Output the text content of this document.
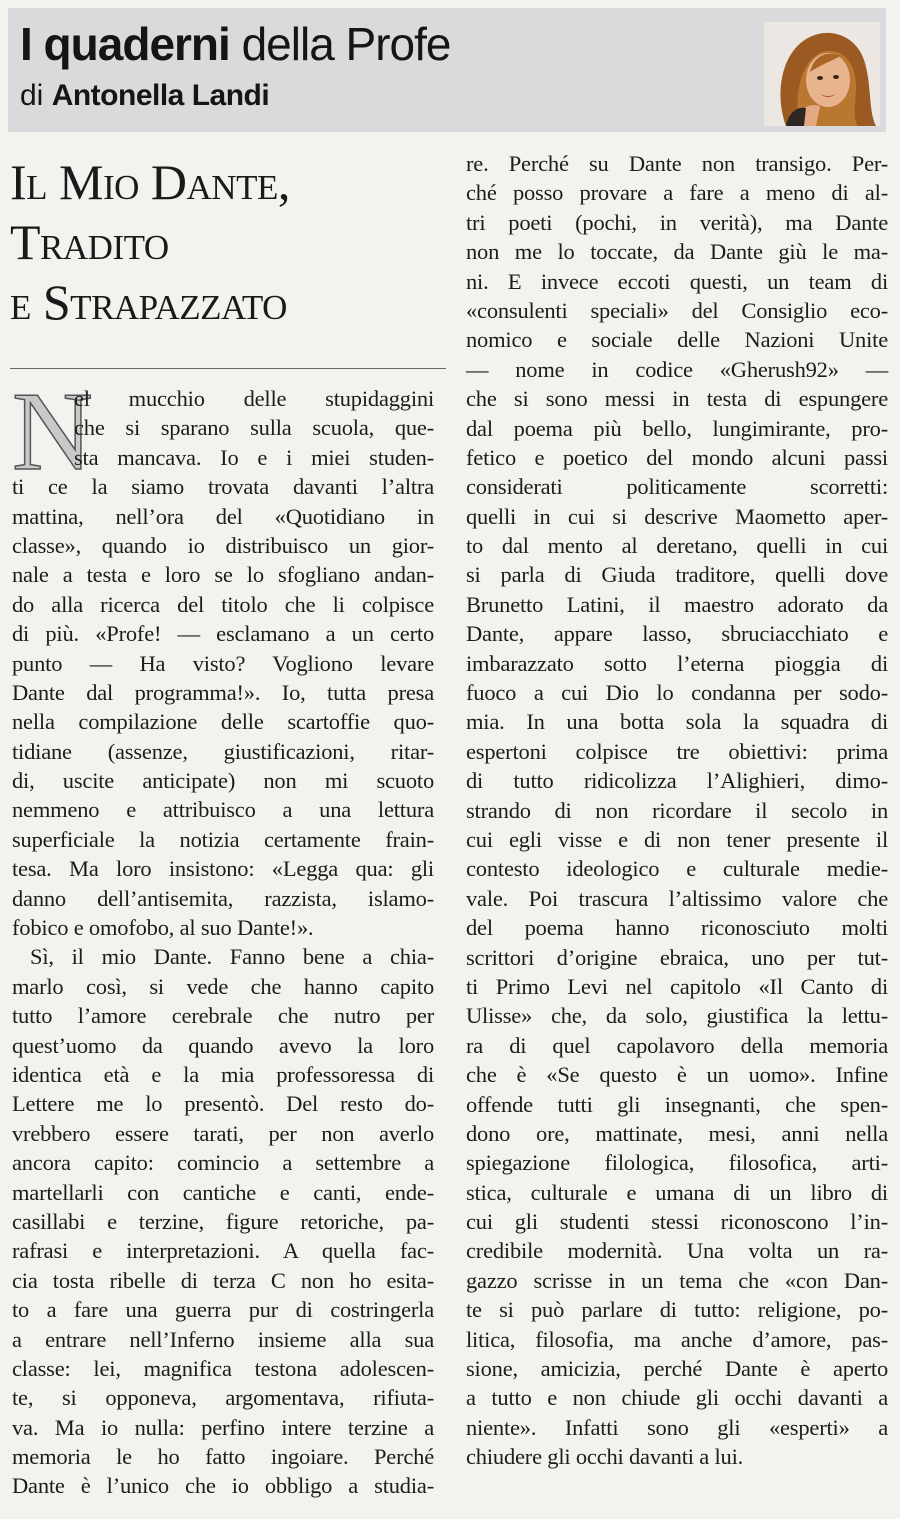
I quaderni della Profe
di Antonella Landi
Il Mio Dante,
Tradito
e Strapazzato
N
el mucchio delle stupidaggini
che si sparano sulla scuola, que-
sta mancava. Io e i miei studen-
ti ce la siamo trovata davanti l’altra
mattina, nell’ora del «Quotidiano in
classe», quando io distribuisco un gior-
nale a testa e loro se lo sfogliano andan-
do alla ricerca del titolo che li colpisce
di più. «Profe! — esclamano a un certo
punto — Ha visto? Vogliono levare
Dante dal programma!». Io, tutta presa
nella compilazione delle scartoffie quo-
tidiane (assenze, giustificazioni, ritar-
di, uscite anticipate) non mi scuoto
nemmeno e attribuisco a una lettura
superficiale la notizia certamente frain-
tesa. Ma loro insistono: «Legga qua: gli
danno dell’antisemita, razzista, islamo-
fobico e omofobo, al suo Dante!».
Sì, il mio Dante. Fanno bene a chia-
marlo così, si vede che hanno capito
tutto l’amore cerebrale che nutro per
quest’uomo da quando avevo la loro
identica età e la mia professoressa di
Lettere me lo presentò. Del resto do-
vrebbero essere tarati, per non averlo
ancora capito: comincio a settembre a
martellarli con cantiche e canti, ende-
casillabi e terzine, figure retoriche, pa-
rafrasi e interpretazioni. A quella fac-
cia tosta ribelle di terza C non ho esita-
to a fare una guerra pur di costringerla
a entrare nell’Inferno insieme alla sua
classe: lei, magnifica testona adolescen-
te, si opponeva, argomentava, rifiuta-
va. Ma io nulla: perfino intere terzine a
memoria le ho fatto ingoiare. Perché
Dante è l’unico che io obbligo a studia-
re. Perché su Dante non transigo. Per-
ché posso provare a fare a meno di al-
tri poeti (pochi, in verità), ma Dante
non me lo toccate, da Dante giù le ma-
ni. E invece eccoti questi, un team di
«consulenti speciali» del Consiglio eco-
nomico e sociale delle Nazioni Unite
— nome in codice «Gherush92» —
che si sono messi in testa di espungere
dal poema più bello, lungimirante, pro-
fetico e poetico del mondo alcuni passi
considerati politicamente scorretti:
quelli in cui si descrive Maometto aper-
to dal mento al deretano, quelli in cui
si parla di Giuda traditore, quelli dove
Brunetto Latini, il maestro adorato da
Dante, appare lasso, sbruciacchiato e
imbarazzato sotto l’eterna pioggia di
fuoco a cui Dio lo condanna per sodo-
mia. In una botta sola la squadra di
espertoni colpisce tre obiettivi: prima
di tutto ridicolizza l’Alighieri, dimo-
strando di non ricordare il secolo in
cui egli visse e di non tener presente il
contesto ideologico e culturale medie-
vale. Poi trascura l’altissimo valore che
del poema hanno riconosciuto molti
scrittori d’origine ebraica, uno per tut-
ti Primo Levi nel capitolo «Il Canto di
Ulisse» che, da solo, giustifica la lettu-
ra di quel capolavoro della memoria
che è «Se questo è un uomo». Infine
offende tutti gli insegnanti, che spen-
dono ore, mattinate, mesi, anni nella
spiegazione filologica, filosofica, arti-
stica, culturale e umana di un libro di
cui gli studenti stessi riconoscono l’in-
credibile modernità. Una volta un ra-
gazzo scrisse in un tema che «con Dan-
te si può parlare di tutto: religione, po-
litica, filosofia, ma anche d’amore, pas-
sione, amicizia, perché Dante è aperto
a tutto e non chiude gli occhi davanti a
niente». Infatti sono gli «esperti» a
chiudere gli occhi davanti a lui.
